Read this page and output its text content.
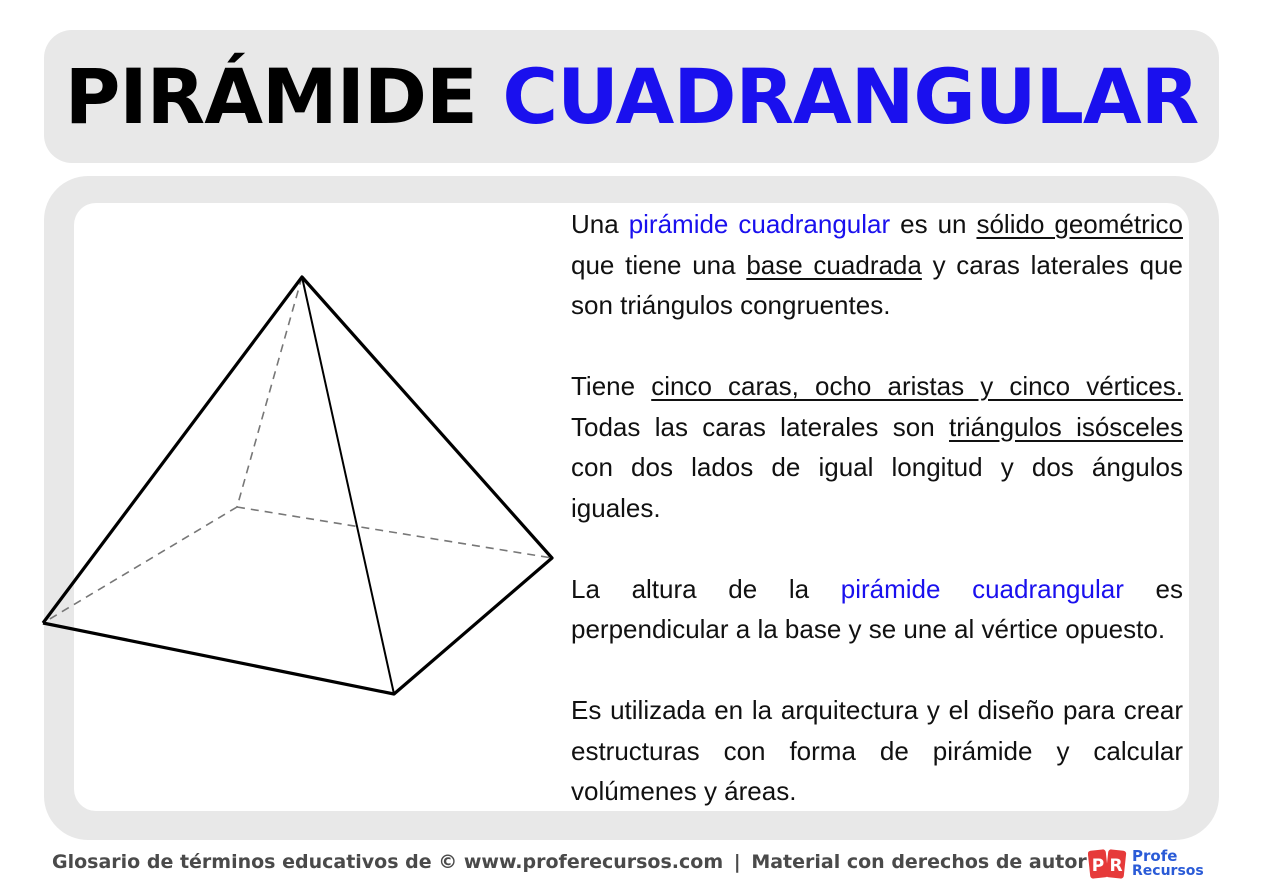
PIRÁMIDE CUADRANGULAR

Una pirámide cuadrangular es un sólido geométrico que tiene una base cuadrada y caras laterales que son triángulos congruentes.

Tiene cinco caras, ocho aristas y cinco vértices. Todas las caras laterales son triángulos isósceles con dos lados de igual longitud y dos ángulos iguales.

La altura de la pirámide cuadrangular es perpendicular a la base y se une al vértice opuesto.

Es utilizada en la arquitectura y el diseño para crear estructuras con forma de pirámide y calcular volúmenes y áreas.

Glosario de términos educativos de © www.proferecursos.com | Material con derechos de autor P R Profe
Recursos
